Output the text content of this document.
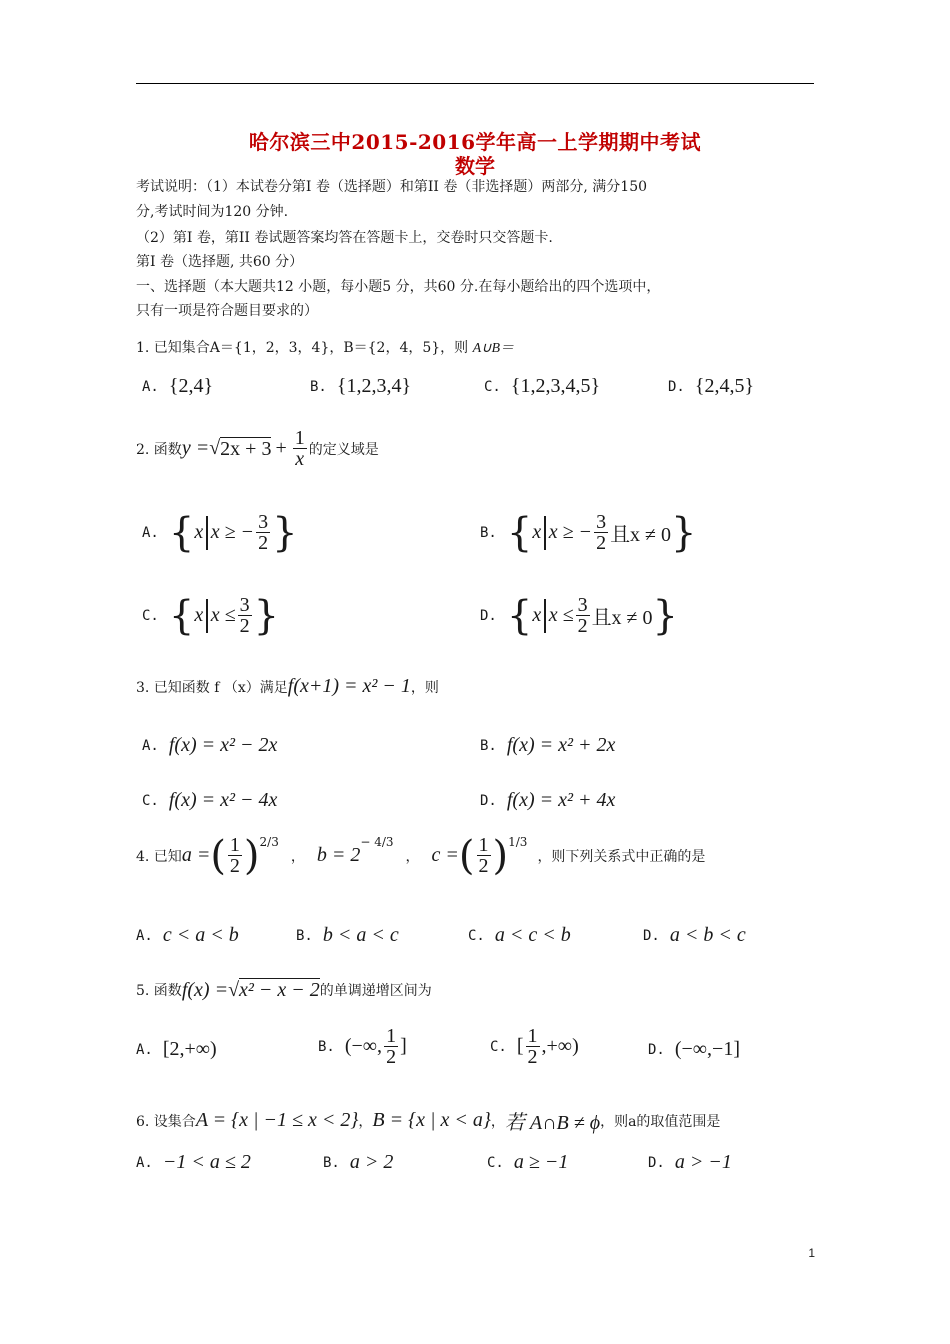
哈尔滨三中2015-2016学年高一上学期期中考试
数学
考试说明：（1）本试卷分第I 卷（选择题）和第II 卷（非选择题）两部分, 满分150
分,考试时间为120 分钟.
（2）第I 卷，第II 卷试题答案均答在答题卡上，交卷时只交答题卡.
第I 卷（选择题, 共60 分）
一、选择题（本大题共12 小题，每小题5 分，共60 分.在每小题给出的四个选项中，
只有一项是符合题目要求的）
1. 已知集合A＝{1，2，3，4}，B＝{2，4，5}，则 A∪B＝
A. {2,4}	B. {1,2,3,4}	C. {1,2,3,4,5}	D. {2,4,5}
2. 函数 y = √ $2x + 3 + \frac{1}{x}$ 的定义域是
A. { x x ≥ − $\frac{3}{2}$ }	B. { x x ≥ − $\frac{3}{2}$ 且x ≠ 0 }
C. { x $x \le \frac{3}{2}$ }	D. { x $x \le \frac{3}{2}$ 且x ≠ 0 }
3. 已知函数 f （x）满足 f(x+1) = x² − 1 ，则
A. f(x) = x² − 2x	B. f(x) = x² + 2x
C. f(x) = x² − 4x	D. f(x) = x² + 4x
4. 已知 a = ( $\frac{1}{2}$ ) 2/3
， b = 2
− 4/3
， c = ( $\frac{1}{2}$ ) 1/3
，则下列关系式中正确的是
A. c < a < b	B. b < a < c	C. a < c < b	D. a < b < c
5. 函数 f(x) = √ x² − x − 2 的单调递增区间为
A. [2,+∞)	B. (−∞, $\frac{1}{2}$ ]	C. [ $\frac{1}{2}$ ,+∞)	D. (−∞,−1]
6. 设集合 A = {x | −1 ≤ x < 2} ， B = {x | x < a} ， 若 A∩B ≠ ϕ ，则a的取值范围是
A. −1 < a ≤ 2	B. a > 2	C. a ≥ −1	D. a > −1
1
